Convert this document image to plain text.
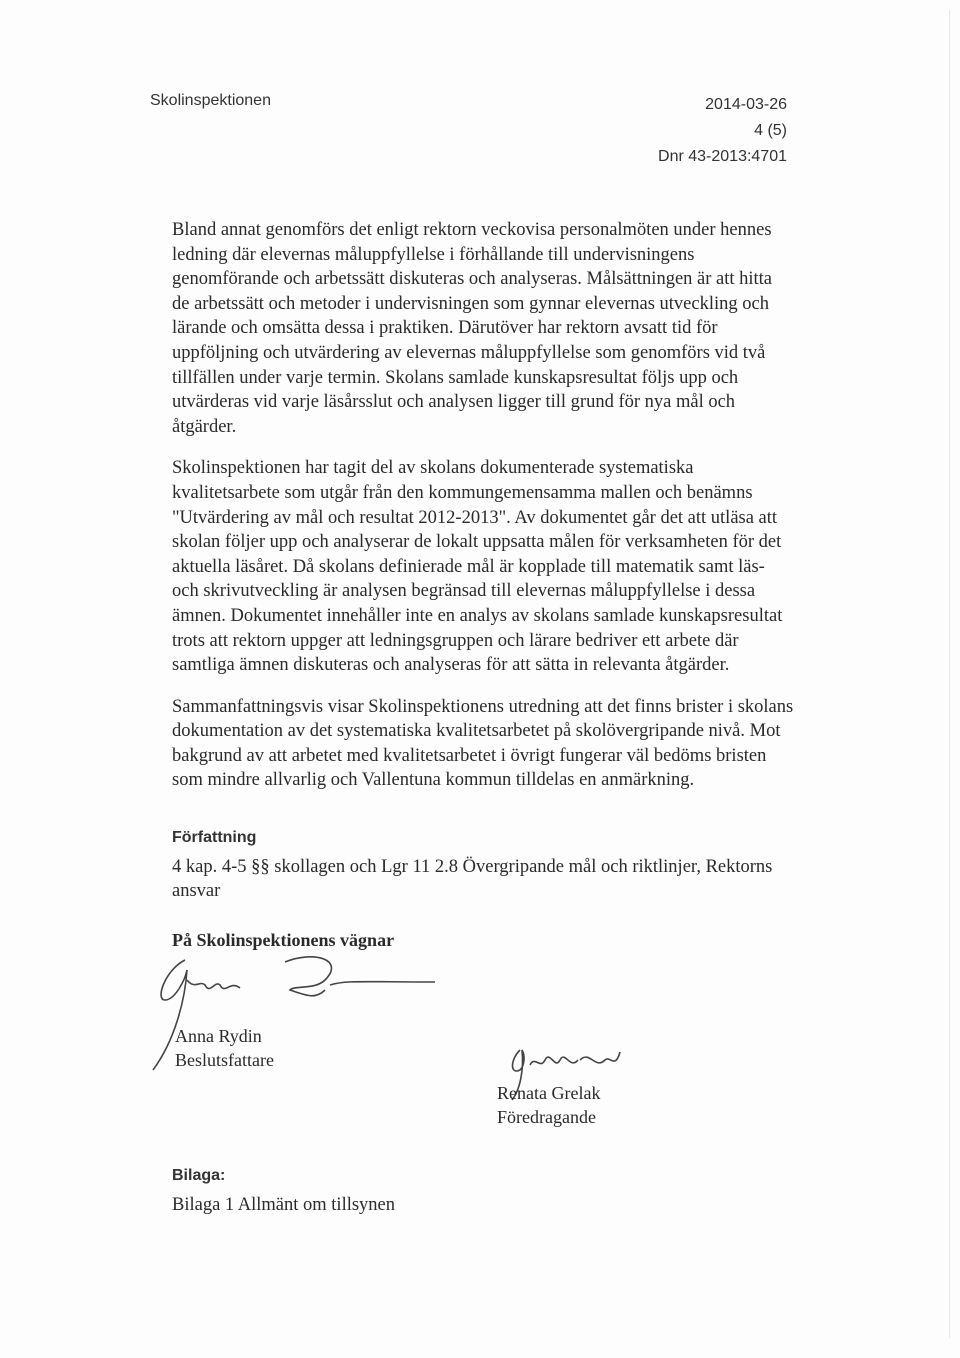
Skolinspektionen	2014-03-26
4 (5)
Dnr 43-2013:4701

Bland annat genomförs det enligt rektorn veckovisa personalmöten under hennes ledning där elevernas måluppfyllelse i förhållande till undervisningens genomförande och arbetssätt diskuteras och analyseras. Målsättningen är att hitta de arbetssätt och metoder i undervisningen som gynnar elevernas utveckling och lärande och omsätta dessa i praktiken. Därutöver har rektorn avsatt tid för uppföljning och utvärdering av elevernas måluppfyllelse som genomförs vid två tillfällen under varje termin. Skolans samlade kunskapsresultat följs upp och utvärderas vid varje läsårsslut och analysen ligger till grund för nya mål och åtgärder.

Skolinspektionen har tagit del av skolans dokumenterade systematiska kvalitetsarbete som utgår från den kommungemensamma mallen och benämns "Utvärdering av mål och resultat 2012-2013". Av dokumentet går det att utläsa att skolan följer upp och analyserar de lokalt uppsatta målen för verksamheten för det aktuella läsåret. Då skolans definierade mål är kopplade till matematik samt läs- och skrivutveckling är analysen begränsad till elevernas måluppfyllelse i dessa ämnen. Dokumentet innehåller inte en analys av skolans samlade kunskapsresultat trots att rektorn uppger att ledningsgruppen och lärare bedriver ett arbete där samtliga ämnen diskuteras och analyseras för att sätta in relevanta åtgärder.

Sammanfattningsvis visar Skolinspektionens utredning att det finns brister i skolans dokumentation av det systematiska kvalitetsarbetet på skolövergripande nivå. Mot bakgrund av att arbetet med kvalitetsarbetet i övrigt fungerar väl bedöms bristen som mindre allvarlig och Vallentuna kommun tilldelas en anmärkning.

Författning
4 kap. 4-5 §§ skollagen och Lgr 11 2.8 Övergripande mål och riktlinjer, Rektorns ansvar
På Skolinspektionens vägnar
Anna Rydin
Beslutsfattare
Renata Grelak
Föredragande
Bilaga:
Bilaga 1 Allmänt om tillsynen
